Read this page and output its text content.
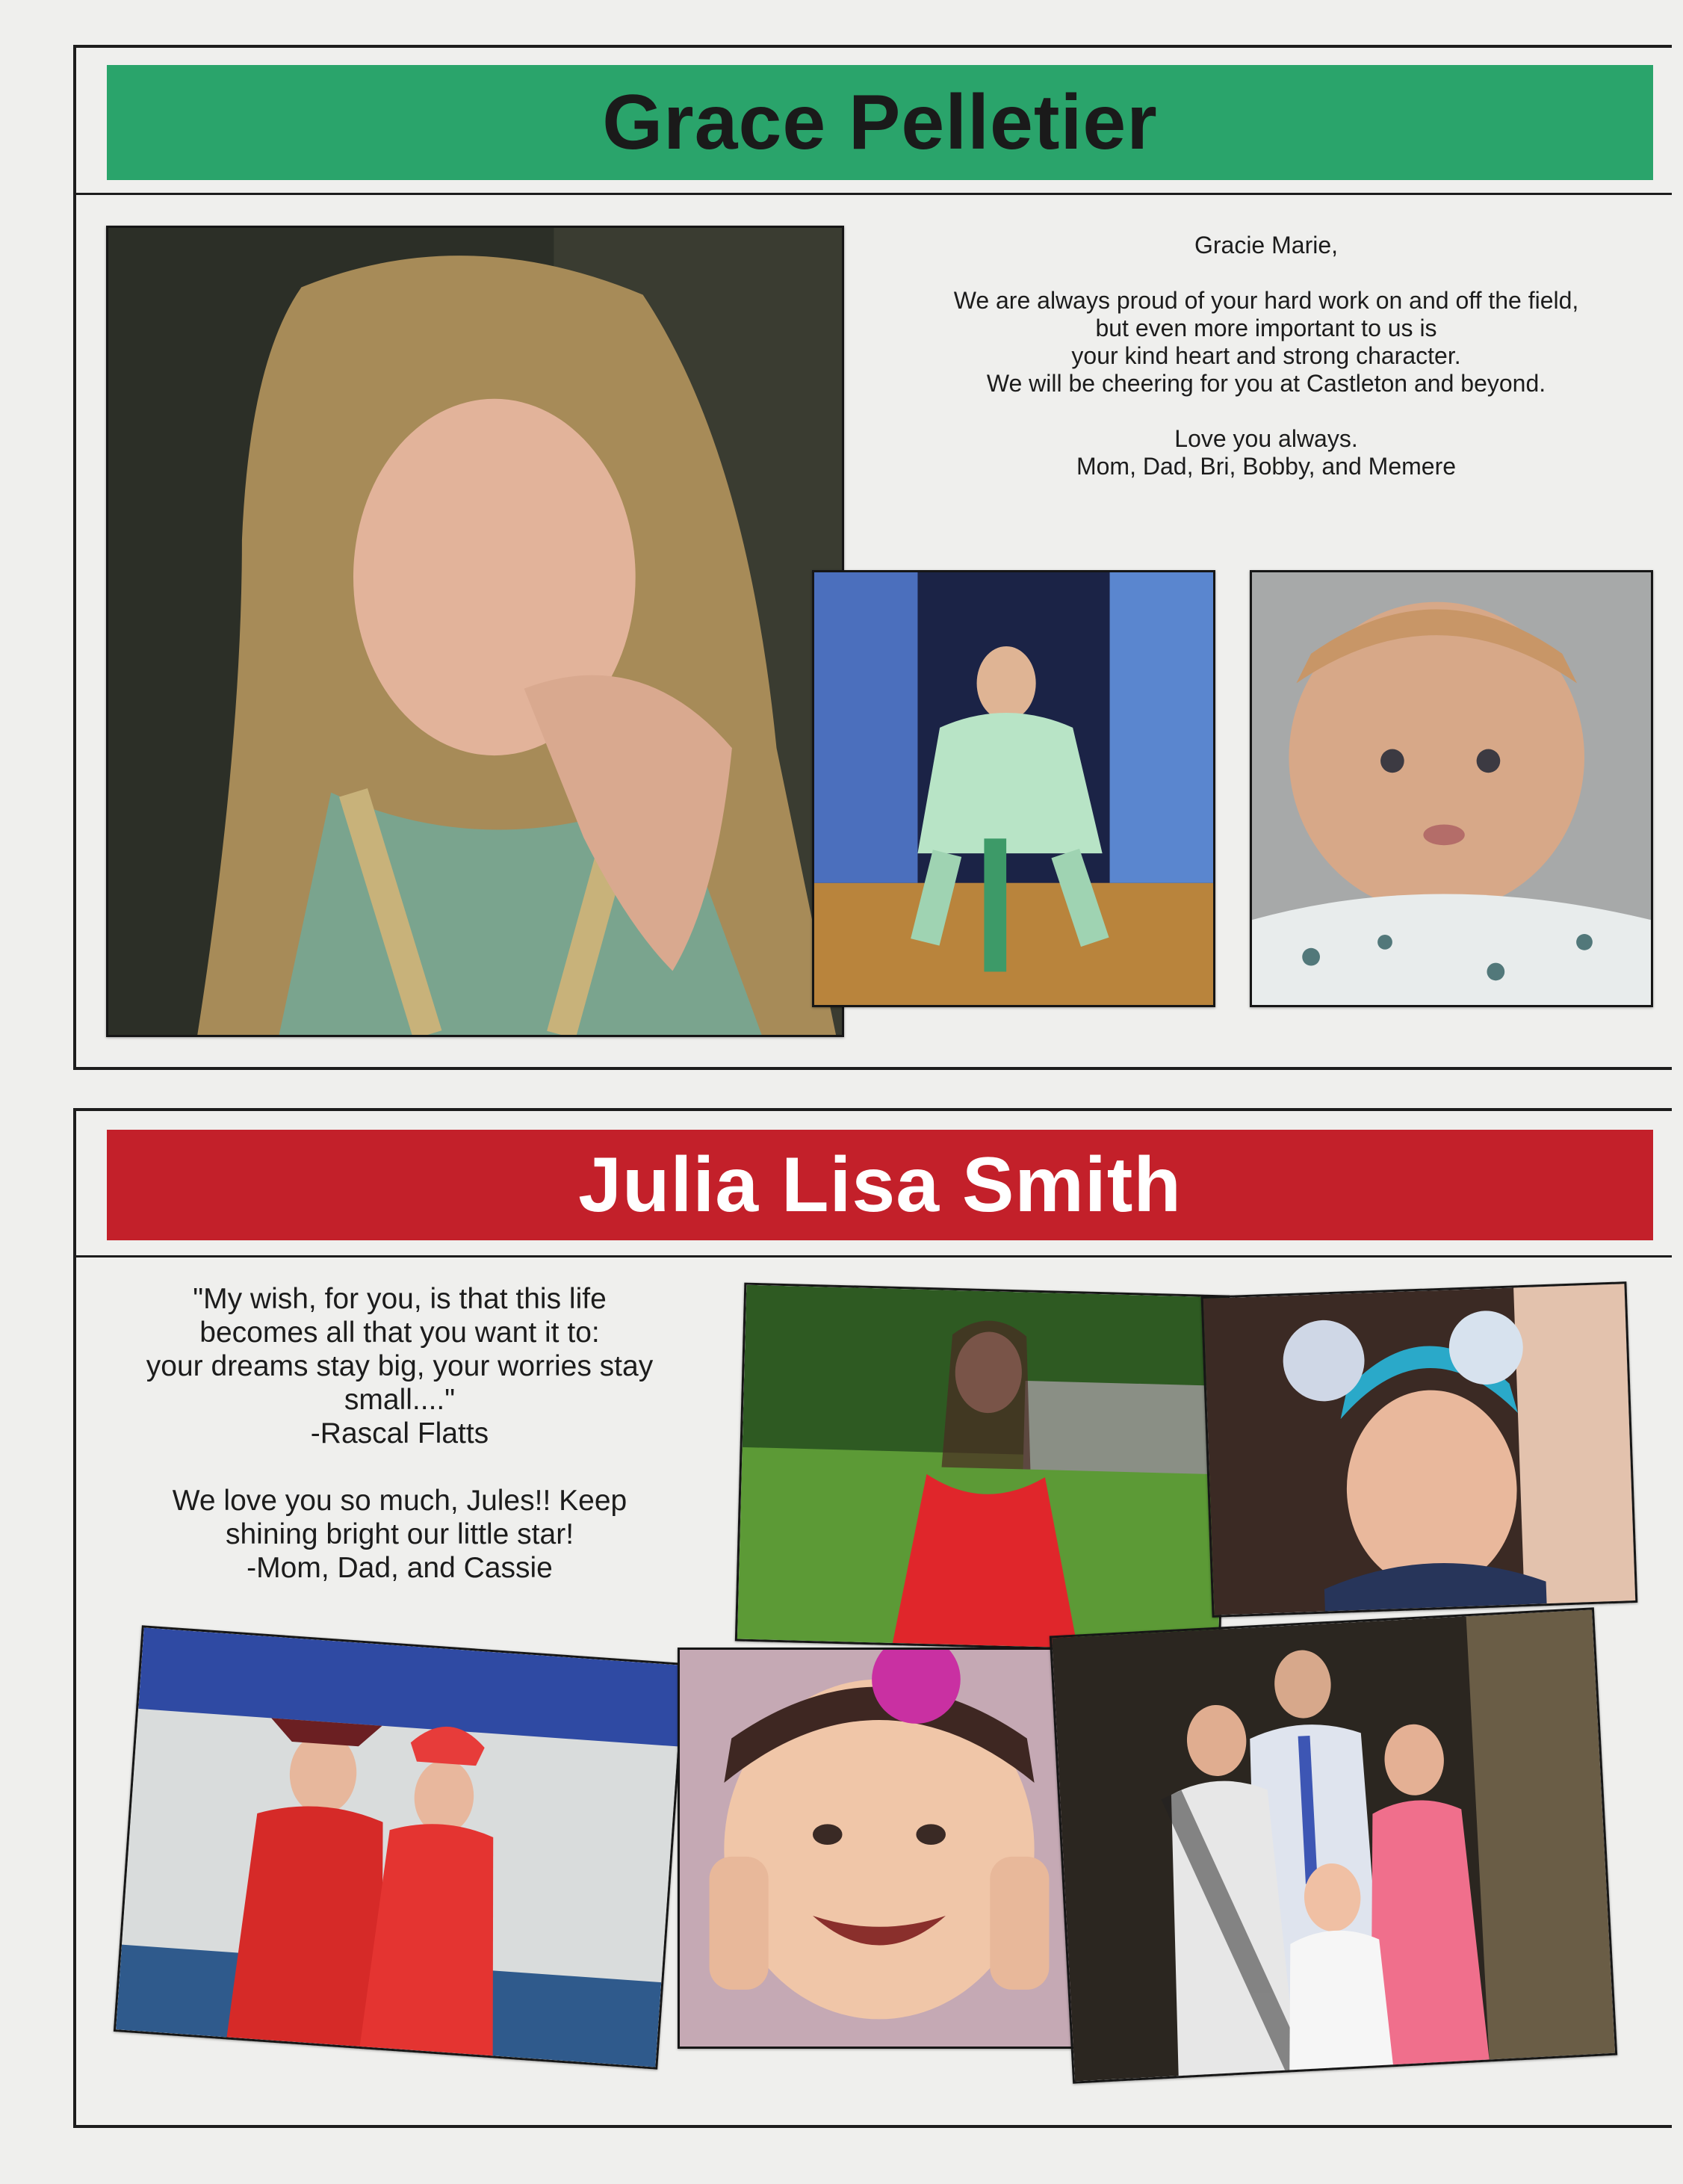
Grace Pelletier
Gracie Marie,
We are always proud of your hard work on and off the field,
but even more important to us is
your kind heart and strong character.
We will be cheering for you at Castleton and beyond.
Love you always.
Mom, Dad, Bri, Bobby, and Memere
Julia Lisa Smith
"My wish, for you, is that this life
becomes all that you want it to:
your dreams stay big, your worries stay
small...."
-Rascal Flatts
We love you so much, Jules!! Keep
shining bright our little star!
-Mom, Dad, and Cassie
